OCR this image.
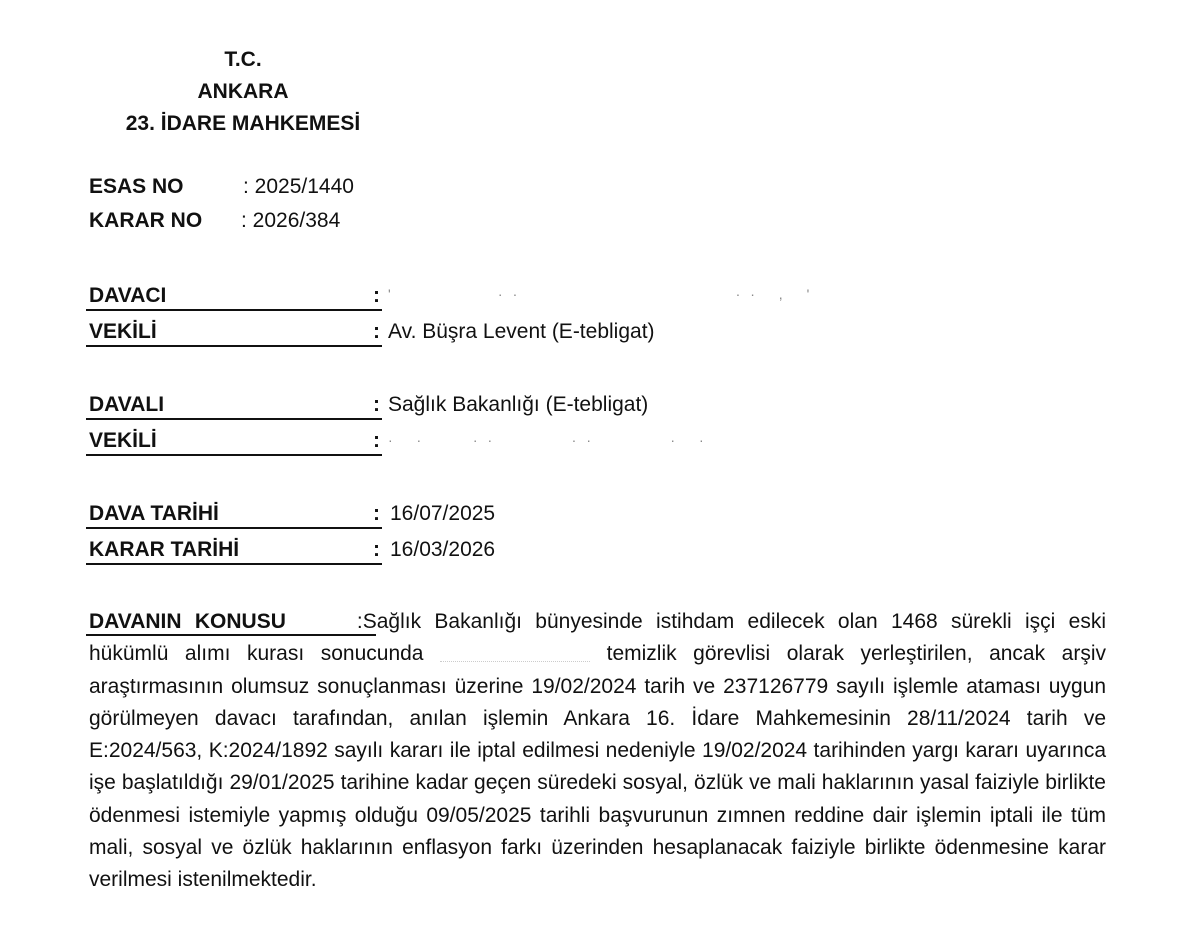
T.C.
ANKARA
23. İDARE MAHKEMESİ
ESAS NO	: 2025/1440
KARAR NO : 2026/384
DAVACI	: '       ··               ·· , '
VEKİLİ	: Av. Büşra Levent (E-tebligat)
DAVALI	: Sağlık Bakanlığı (E-tebligat)
VEKİLİ	: · ·   ··     ··     · ·
DAVA TARİHİ	: 16/07/2025
KARAR TARİHİ	: 16/03/2026
DAVANIN KONUSU	:Sağlık Bakanlığı bünyesinde istihdam edilecek olan 1468 sürekli işçi eski hükümlü alımı kurası sonucunda	temizlik görevlisi olarak yerleştirilen, ancak arşiv araştırmasının olumsuz sonuçlanması üzerine 19/02/2024 tarih ve 237126779 sayılı işlemle ataması uygun görülmeyen davacı tarafından, anılan işlemin Ankara 16. İdare Mahkemesinin 28/11/2024 tarih ve E:2024/563, K:2024/1892 sayılı kararı ile iptal edilmesi nedeniyle 19/02/2024 tarihinden yargı kararı uyarınca işe başlatıldığı 29/01/2025 tarihine kadar geçen süredeki sosyal, özlük ve mali haklarının yasal faiziyle birlikte ödenmesi istemiyle yapmış olduğu 09/05/2025 tarihli başvurunun zımnen reddine dair işlemin iptali ile tüm mali, sosyal ve özlük haklarının enflasyon farkı üzerinden hesaplanacak faiziyle birlikte ödenmesine karar verilmesi istenilmektedir.
